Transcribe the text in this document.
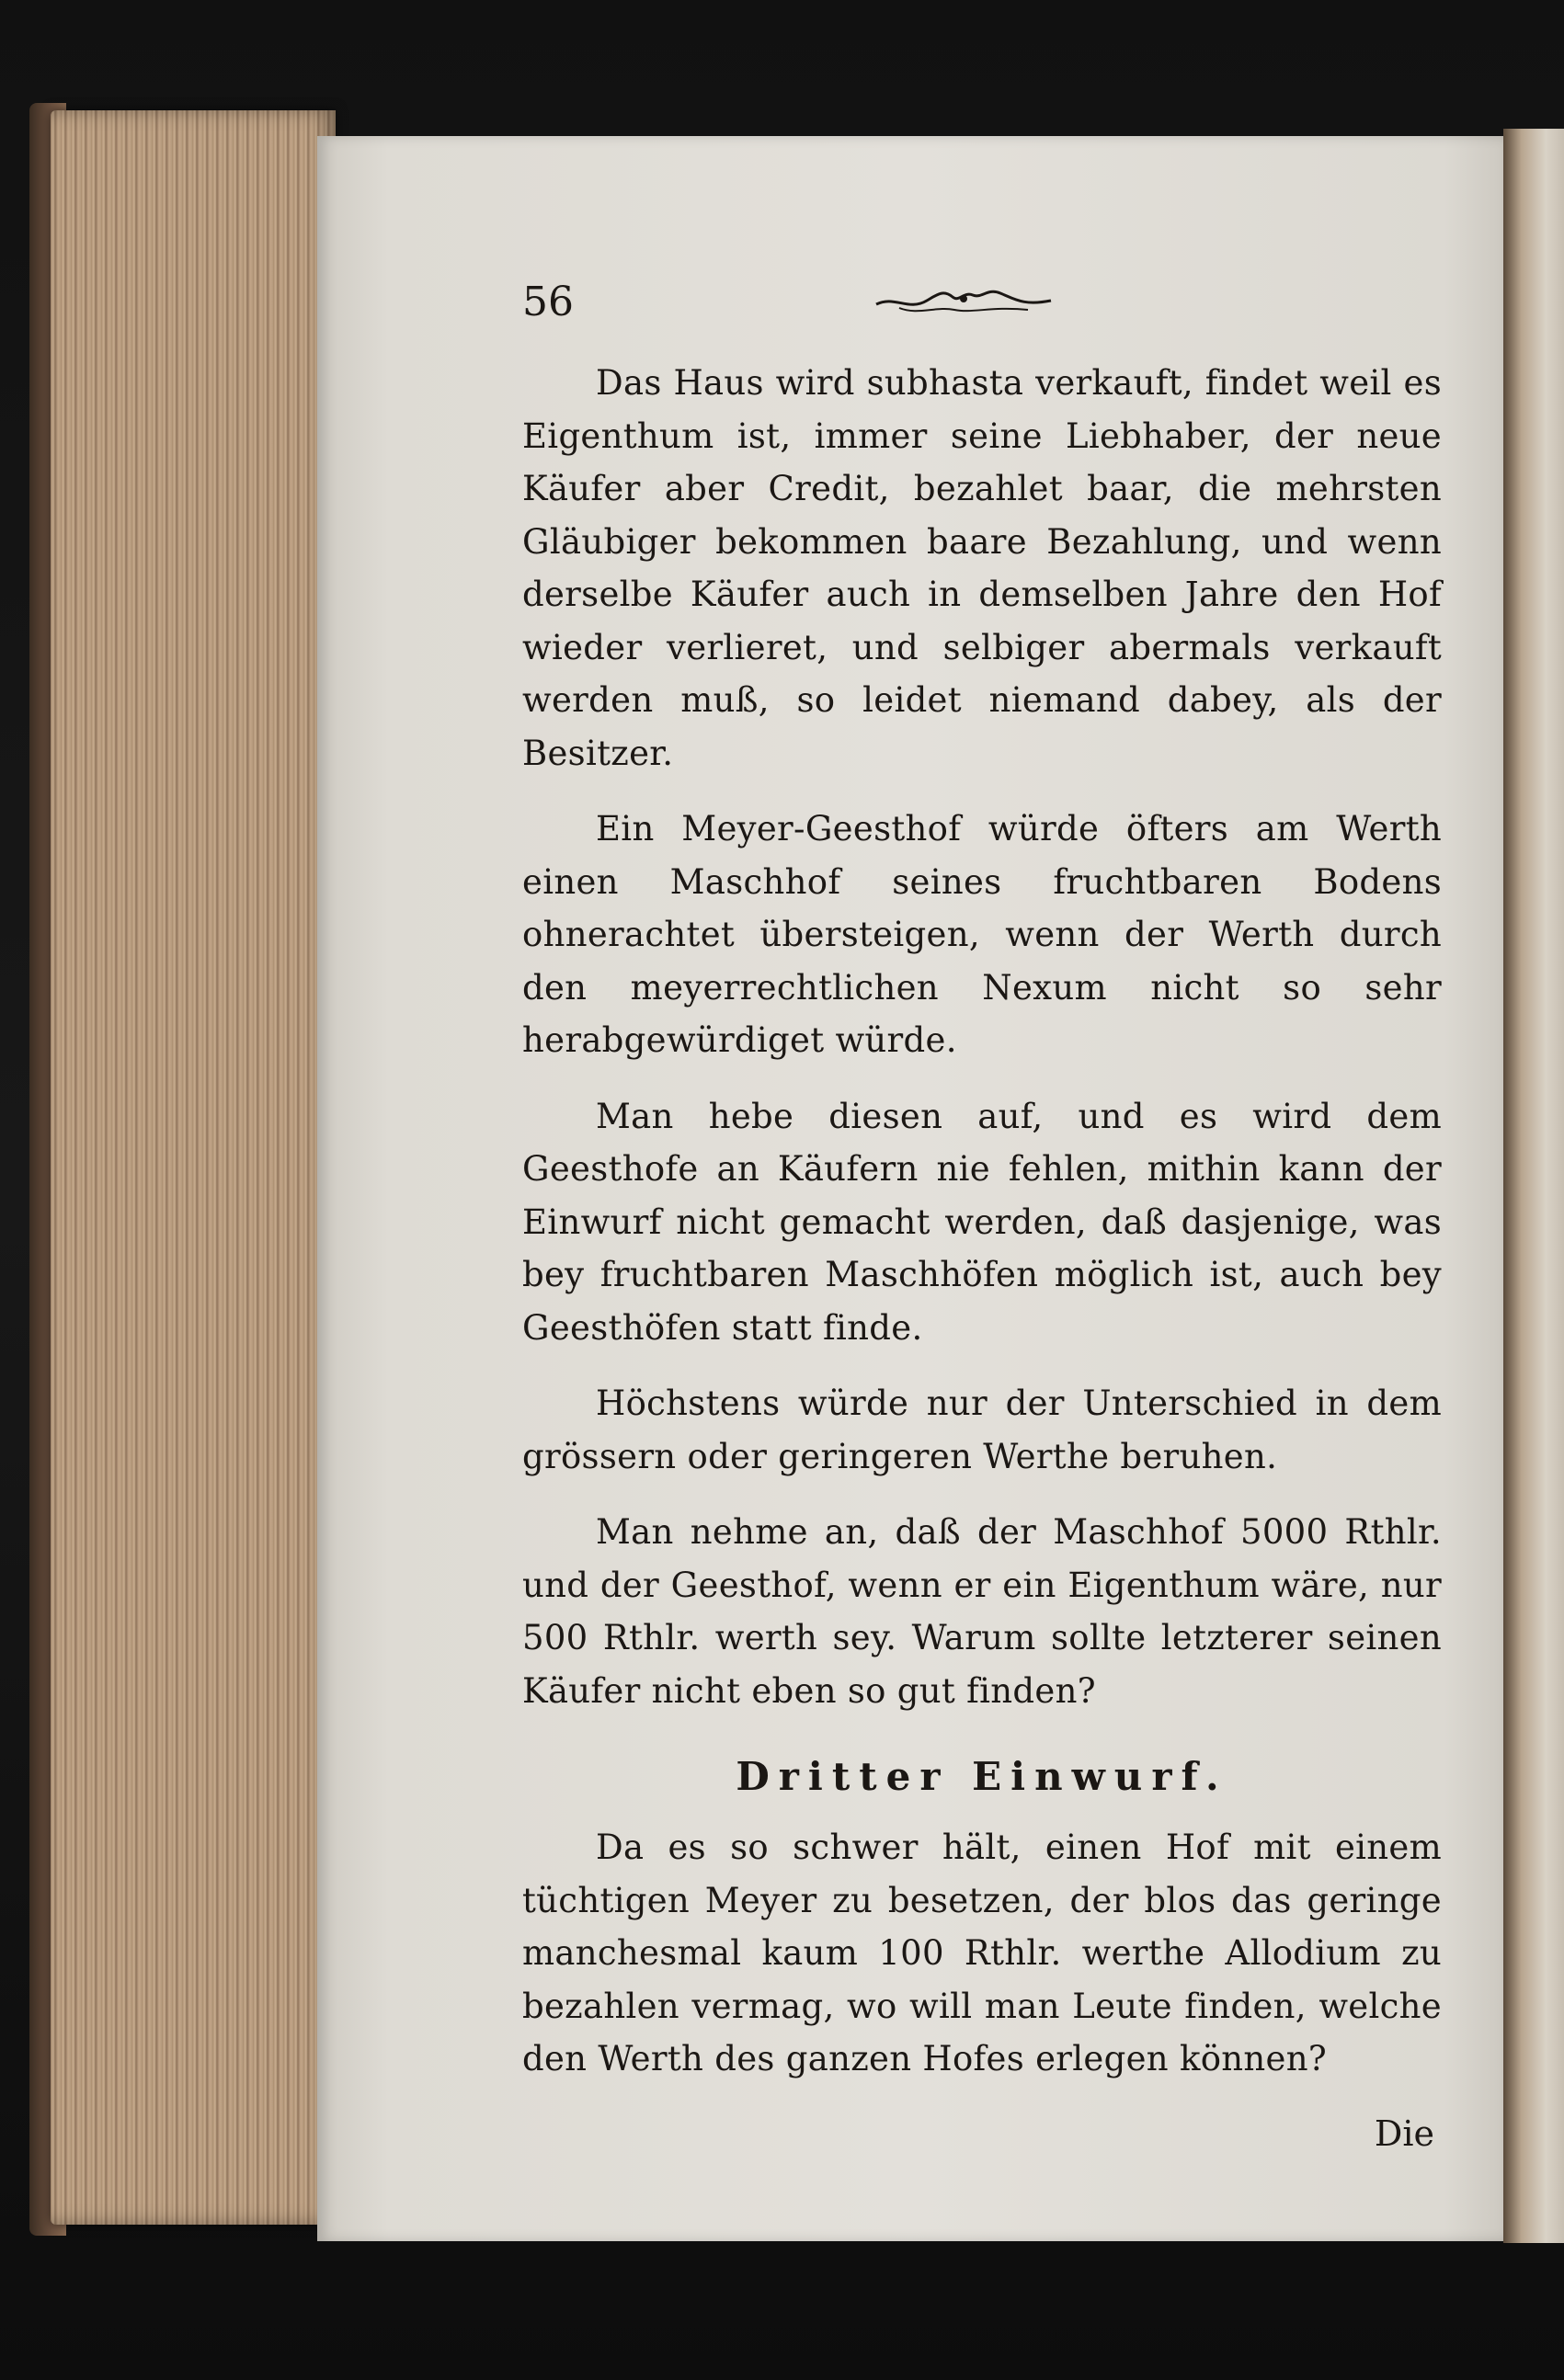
56

Das Haus wird subhasta verkauft, findet weil es Eigenthum ist, immer seine Liebhaber, der neue Käufer aber Credit, bezahlet baar, die mehrsten Gläubiger bekommen baare Bezahlung, und wenn derselbe Käufer auch in demselben Jahre den Hof wieder verlieret, und selbiger abermals verkauft werden muß, so leidet niemand dabey, als der Besitzer.

Ein Meyer-Geesthof würde öfters am Werth einen Maschhof seines fruchtbaren Bodens ohnerachtet übersteigen, wenn der Werth durch den meyerrechtlichen Nexum nicht so sehr herabgewürdiget würde.

Man hebe diesen auf, und es wird dem Geesthofe an Käufern nie fehlen, mithin kann der Einwurf nicht gemacht werden, daß dasjenige, was bey fruchtbaren Maschhöfen möglich ist, auch bey Geesthöfen statt finde.

Höchstens würde nur der Unterschied in dem grössern oder geringeren Werthe beruhen.

Man nehme an, daß der Maschhof 5000 Rthlr. und der Geesthof, wenn er ein Eigenthum wäre, nur 500 Rthlr. werth sey. Warum sollte letzterer seinen Käufer nicht eben so gut finden?

Dritter Einwurf.

Da es so schwer hält, einen Hof mit einem tüchtigen Meyer zu besetzen, der blos das geringe manchesmal kaum 100 Rthlr. werthe Allodium zu bezahlen vermag, wo will man Leute finden, welche den Werth des ganzen Hofes erlegen können?

Die
